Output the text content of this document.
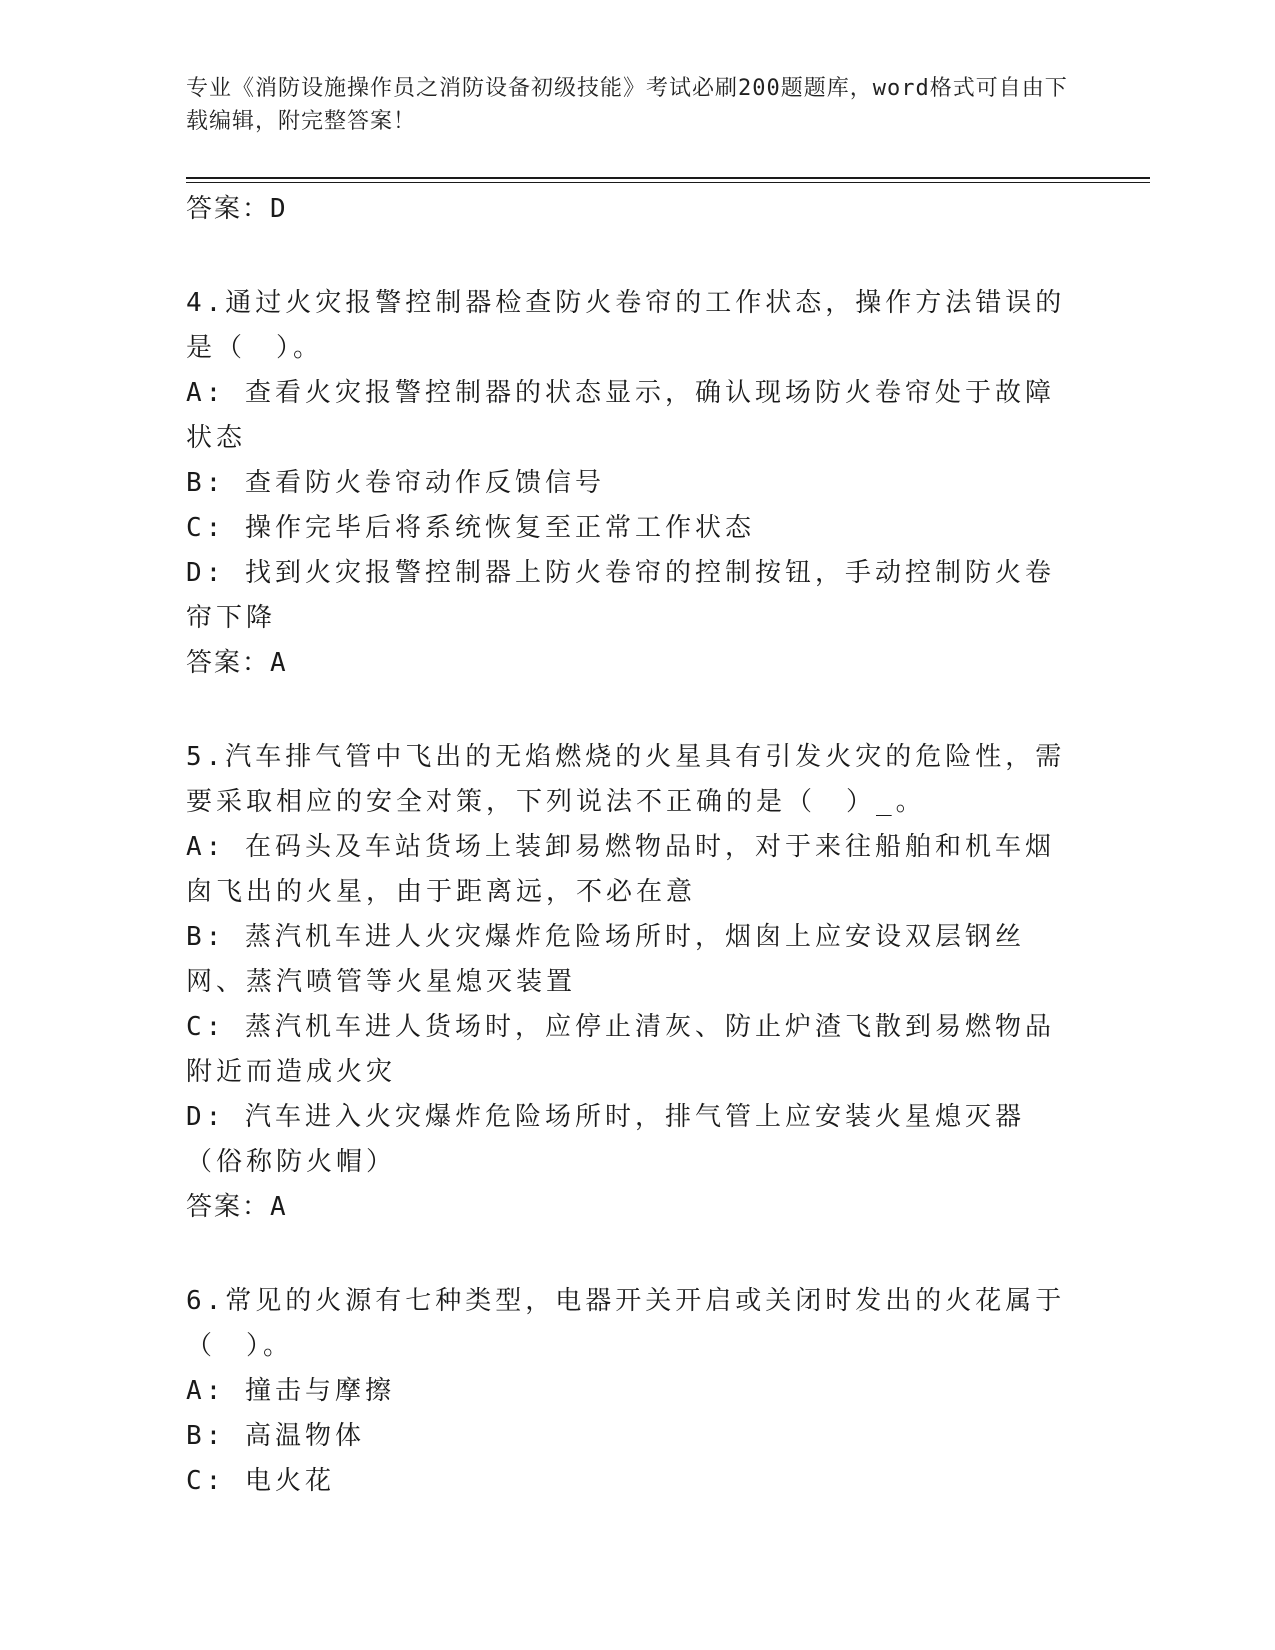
专业《消防设施操作员之消防设备初级技能》考试必刷200题题库，word格式可自由下载编辑，附完整答案！
答案：D
4.通过火灾报警控制器检查防火卷帘的工作状态，操作方法错误的是（　）。
A: 查看火灾报警控制器的状态显示，确认现场防火卷帘处于故障状态
B: 查看防火卷帘动作反馈信号
C: 操作完毕后将系统恢复至正常工作状态
D: 找到火灾报警控制器上防火卷帘的控制按钮，手动控制防火卷帘下降
答案：A
5.汽车排气管中飞出的无焰燃烧的火星具有引发火灾的危险性，需要采取相应的安全对策，下列说法不正确的是（　）_。
A: 在码头及车站货场上装卸易燃物品时，对于来往船舶和机车烟囱飞出的火星，由于距离远，不必在意
B: 蒸汽机车进人火灾爆炸危险场所时，烟囱上应安设双层钢丝网、蒸汽喷管等火星熄灭装置
C: 蒸汽机车进人货场时，应停止清灰、防止炉渣飞散到易燃物品附近而造成火灾
D: 汽车进入火灾爆炸危险场所时，排气管上应安装火星熄灭器（俗称防火帽）
答案：A
6.常见的火源有七种类型，电器开关开启或关闭时发出的火花属于（　）。
A: 撞击与摩擦
B: 高温物体
C: 电火花
